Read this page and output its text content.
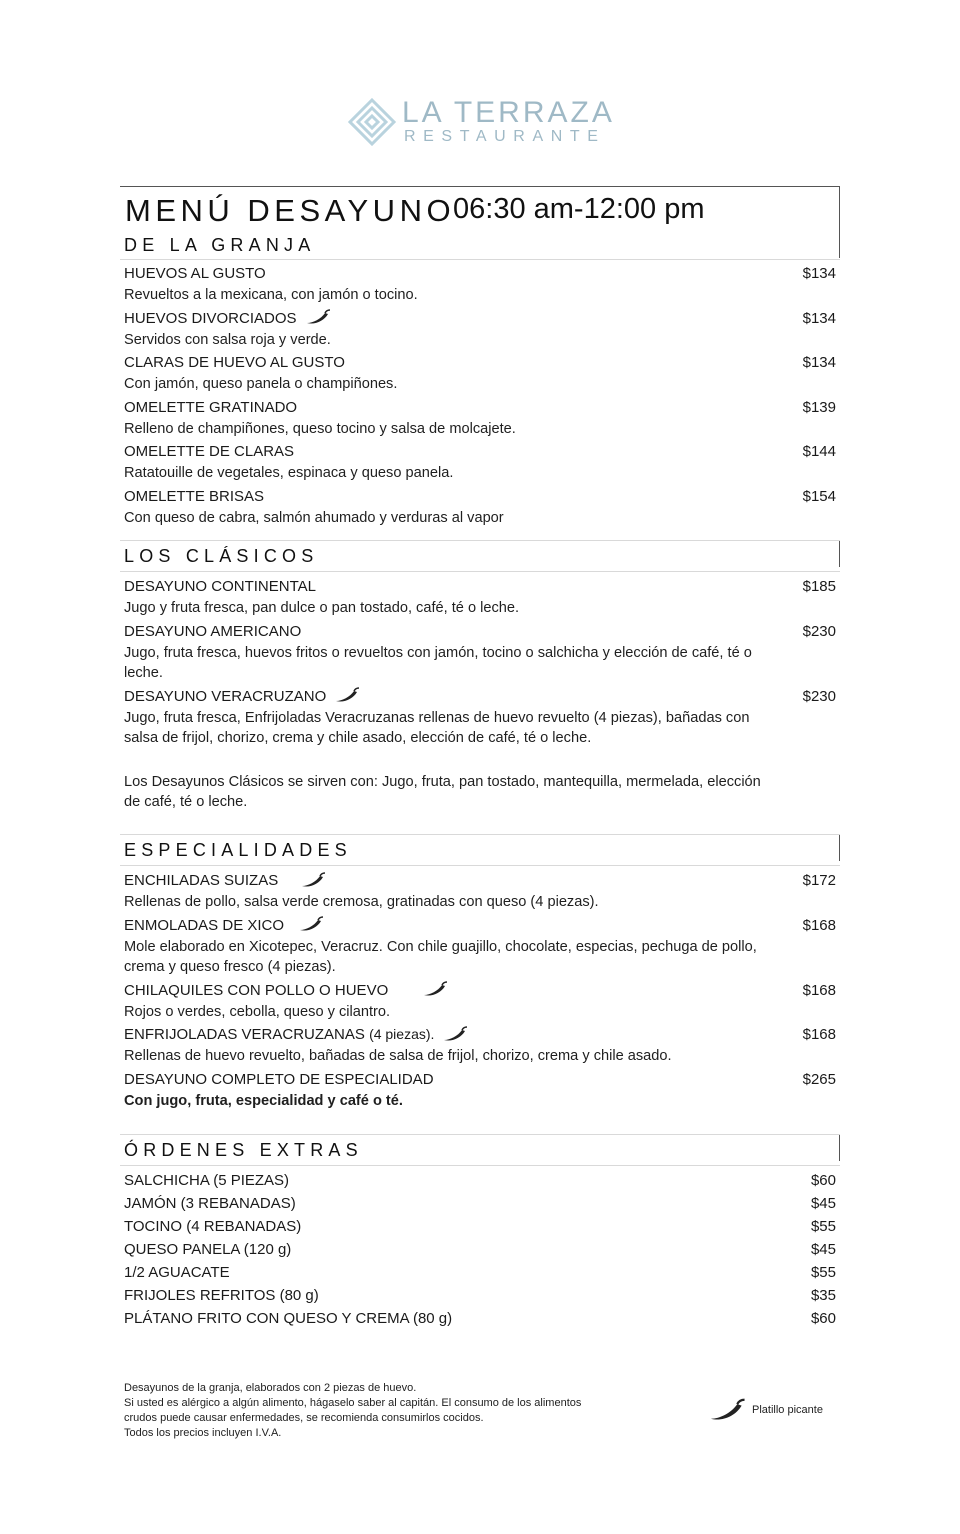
LA TERRAZA
RESTAURANTE
MENÚ DESAYUNO
06:30 am-12:00 pm
DE LA GRANJA
HUEVOS AL GUSTO	$134
Revueltos a la mexicana, con jamón o tocino.
HUEVOS DIVORCIADOS	$134
Servidos con salsa roja y verde.
CLARAS DE HUEVO AL GUSTO	$134
Con jamón, queso panela o champiñones.
OMELETTE GRATINADO	$139
Relleno de champiñones, queso tocino y salsa de molcajete.
OMELETTE DE CLARAS	$144
Ratatouille de vegetales, espinaca y queso panela.
OMELETTE BRISAS	$154
Con queso de cabra, salmón ahumado y verduras al vapor
LOS CLÁSICOS
DESAYUNO CONTINENTAL	$185
Jugo y fruta fresca, pan dulce o pan tostado, café, té o leche.
DESAYUNO AMERICANO	$230
Jugo, fruta fresca, huevos fritos o revueltos con jamón, tocino o salchicha y elección de café, té o leche.
DESAYUNO VERACRUZANO	$230
Jugo, fruta fresca, Enfrijoladas Veracruzanas rellenas de huevo revuelto (4 piezas), bañadas con salsa de frijol, chorizo, crema y chile asado, elección de café, té o leche.
Los Desayunos Clásicos se sirven con: Jugo, fruta, pan tostado, mantequilla, mermelada, elección de café, té o leche.
ESPECIALIDADES
ENCHILADAS SUIZAS	$172
Rellenas de pollo, salsa verde cremosa, gratinadas con queso (4 piezas).
ENMOLADAS DE XICO	$168
Mole elaborado en Xicotepec, Veracruz. Con chile guajillo, chocolate, especias, pechuga de pollo, crema y queso fresco (4 piezas).
CHILAQUILES CON POLLO O HUEVO	$168
Rojos o verdes, cebolla, queso y cilantro.
ENFRIJOLADAS VERACRUZANAS (4 piezas).	$168
Rellenas de huevo revuelto, bañadas de salsa de frijol, chorizo, crema y chile asado.
DESAYUNO COMPLETO DE ESPECIALIDAD	$265
Con jugo, fruta, especialidad y café o té.
ÓRDENES EXTRAS
SALCHICHA (5 PIEZAS)	$60
JAMÓN (3 REBANADAS)	$45
TOCINO (4 REBANADAS)	$55
QUESO PANELA (120 g)	$45
1/2 AGUACATE	$55
FRIJOLES REFRITOS (80 g)	$35
PLÁTANO FRITO CON QUESO Y CREMA (80 g)	$60
Desayunos de la granja, elaborados con 2 piezas de huevo.
Si usted es alérgico a algún alimento, hágaselo saber al capitán. El consumo de los alimentos crudos puede causar enfermedades, se recomienda consumirlos cocidos.
Todos los precios incluyen I.V.A.
Platillo picante
